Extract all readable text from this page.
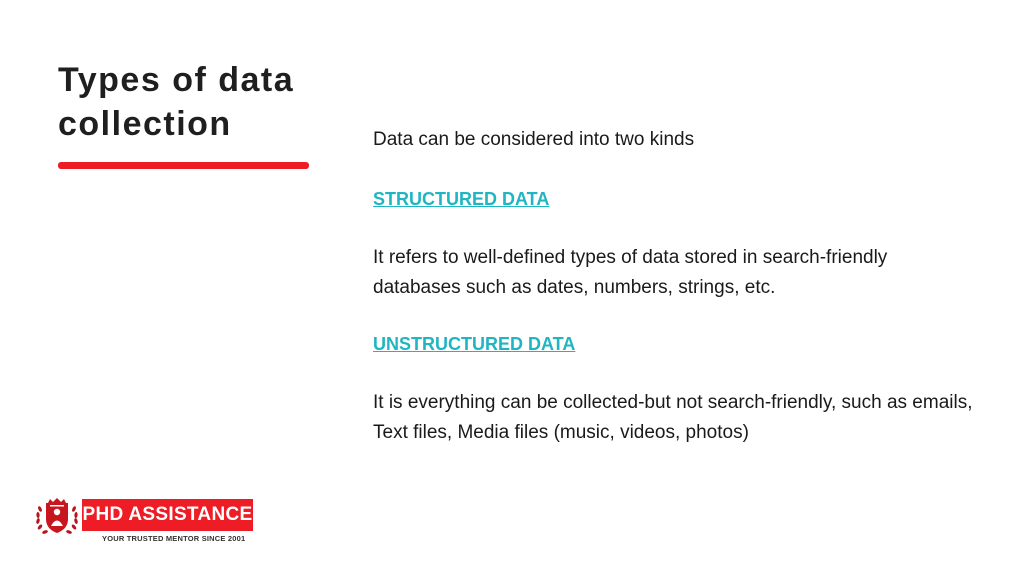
Types of data collection	Data can be considered into two kinds

STRUCTURED DATA

It refers to well-defined types of data stored in search-friendly databases such as dates, numbers, strings, etc.

UNSTRUCTURED DATA

It is everything can be collected-but not search-friendly, such as emails, Text files, Media files (music, videos, photos)

PHD ASSISTANCE
YOUR TRUSTED MENTOR SINCE 2001
